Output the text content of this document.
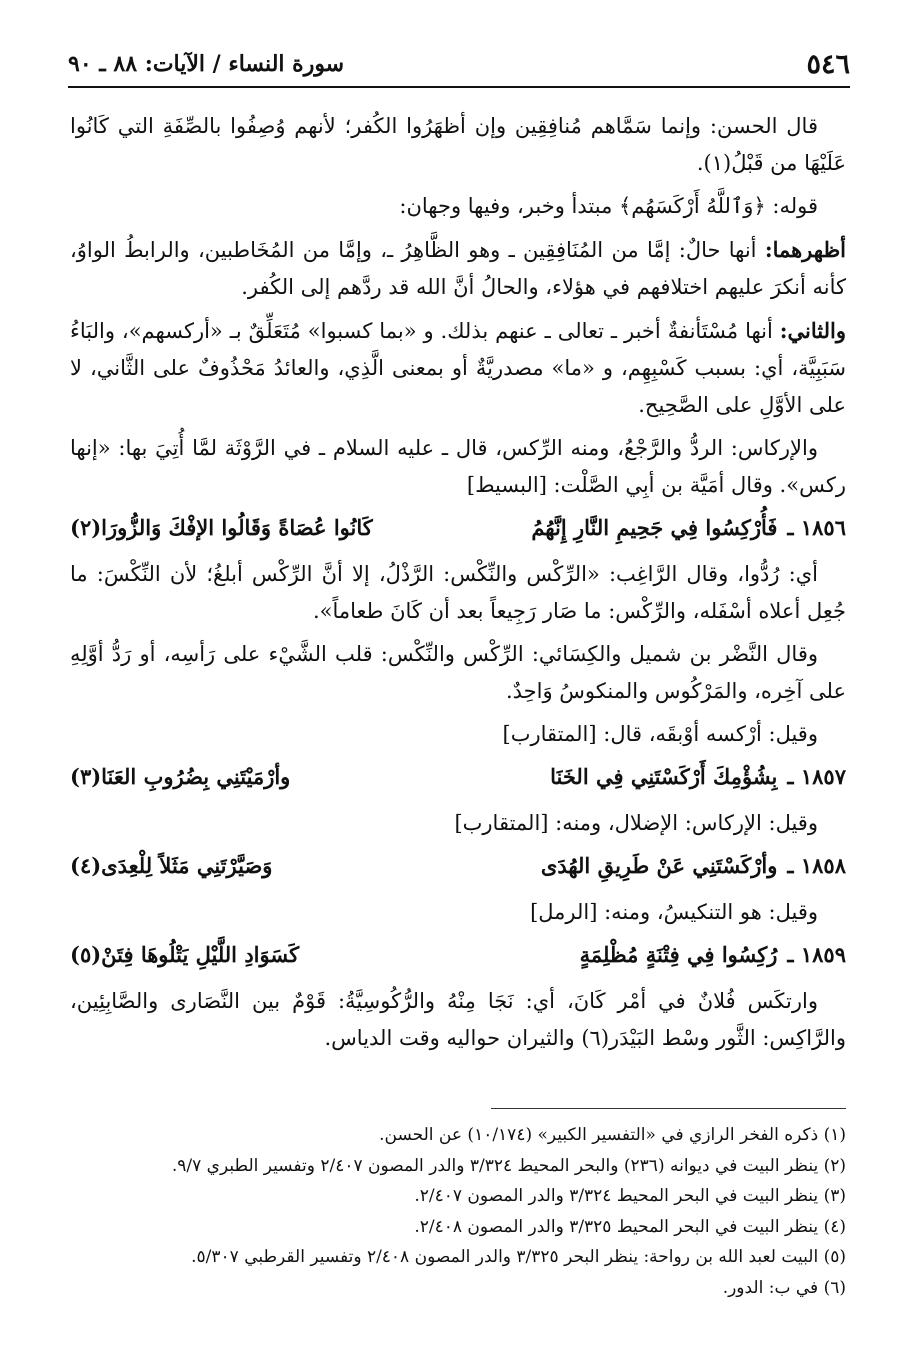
٥٤٦
سورة النساء / الآيات: ٨٨ ـ ٩٠

قال الحسن: وإنما سَمَّاهم مُنافِقِين وإن أظهَرُوا الكُفر؛ لأنهم وُصِفُوا بالصِّفَةِ التي كَانُوا عَلَيْهَا من قَبْلُ(١).

قوله: ﴿وَٱللَّهُ أَرْكَسَهُم﴾ مبتدأ وخبر، وفيها وجهان:

أظهرهما: أنها حالٌ: إمَّا من المُنَافِقِين ـ وهو الظَّاهِرُ ـ، وإمَّا من المُخَاطبين، والرابطُ الواوُ، كأنه أنكرَ عليهم اختلافهم في هؤلاء، والحالُ أنَّ الله قد ردَّهم إلى الكُفر.

والثاني: أنها مُسْتَأنفةٌ أخبر ـ تعالى ـ عنهم بذلك. و «بما كسبوا» مُتَعَلِّقٌ بـ «أركسهم»، والبَاءُ سَبَبِيَّة، أي: بسبب كَسْبِهِم، و «ما» مصدريَّةٌ أو بمعنى الَّذِي، والعائدُ مَحْذُوفٌ على الثَّاني، لا على الأوَّلِ على الصَّحِيح.

والإركاس: الردُّ والرَّجْعُ، ومنه الرِّكس، قال ـ عليه السلام ـ في الرَّوْثَة لمَّا أُتِيَ بها: «إنها ركس». وقال أمَيَّة بن أبِي الصَّلْت: [البسيط]

١٨٥٦ ـ
فَأُرْكِسُوا فِي جَحِيمِ النَّارِ إِنَّهُمُ
كَانُوا عُصَاةً وَقَالُوا الإفْكَ وَالزُّورَا(٢)

أي: رُدُّوا، وقال الرَّاغِب: «الرِّكْس والنِّكْس: الرَّذْلُ، إلا أنَّ الرِّكْس أبلغُ؛ لأن النِّكْسَ: ما جُعِل أعلاه أسْفَله، والرِّكْس: ما صَار رَجِيعاً بعد أن كَانَ طعاماً».

وقال النَّضْر بن شميل والكِسَائي: الرِّكْس والنِّكْس: قلب الشَّيْء على رَأسِه، أو رَدُّ أوَّلِهِ على آخِره، والمَرْكُوس والمنكوسُ وَاحِدٌ.

وقيل: أرْكسه أوْبقَه، قال: [المتقارب]

١٨٥٧ ـ
بِشُؤْمِكَ أَرْكَسْتَنِي فِي الخَنَا
وأرْمَيْتَنِي بِضُرُوبِ العَنَا(٣)

وقيل: الإركاس: الإضلال، ومنه: [المتقارب]

١٨٥٨ ـ
وأرْكَسْتَنِي عَنْ طَرِيقِ الهُدَى
وَصَيَّرْتَنِي مَثَلاً لِلْعِدَى(٤)

وقيل: هو التنكيسُ، ومنه: [الرمل]

١٨٥٩ ـ
رُكِسُوا فِي فِتْنَةٍ مُظْلِمَةٍ
كَسَوَادِ اللَّيْلِ يَتْلُوهَا فِتَنْ(٥)

وارتكَس فُلانٌ في أمْر كَانَ، أي: نَجَا مِنْهُ والرُّكُوسِيَّةُ: قَوْمٌ بين النَّصَارى والصَّابِئِين، والرَّاكِس: الثَّور وسْط البَيْدَر(٦) والثيران حواليه وقت الدياس.

(١) ذكره الفخر الرازي في «التفسير الكبير» (١٠/١٧٤) عن الحسن.

(٢) ينظر البيت في ديوانه (٢٣٦) والبحر المحيط ٣/٣٢٤ والدر المصون ٢/٤٠٧ وتفسير الطبري ٩/٧.

(٣) ينظر البيت في البحر المحيط ٣/٣٢٤ والدر المصون ٢/٤٠٧.

(٤) ينظر البيت في البحر المحيط ٣/٣٢٥ والدر المصون ٢/٤٠٨.

(٥) البيت لعبد الله بن رواحة: ينظر البحر ٣/٣٢٥ والدر المصون ٢/٤٠٨ وتفسير القرطبي ٥/٣٠٧.

(٦) في ب: الدور.
